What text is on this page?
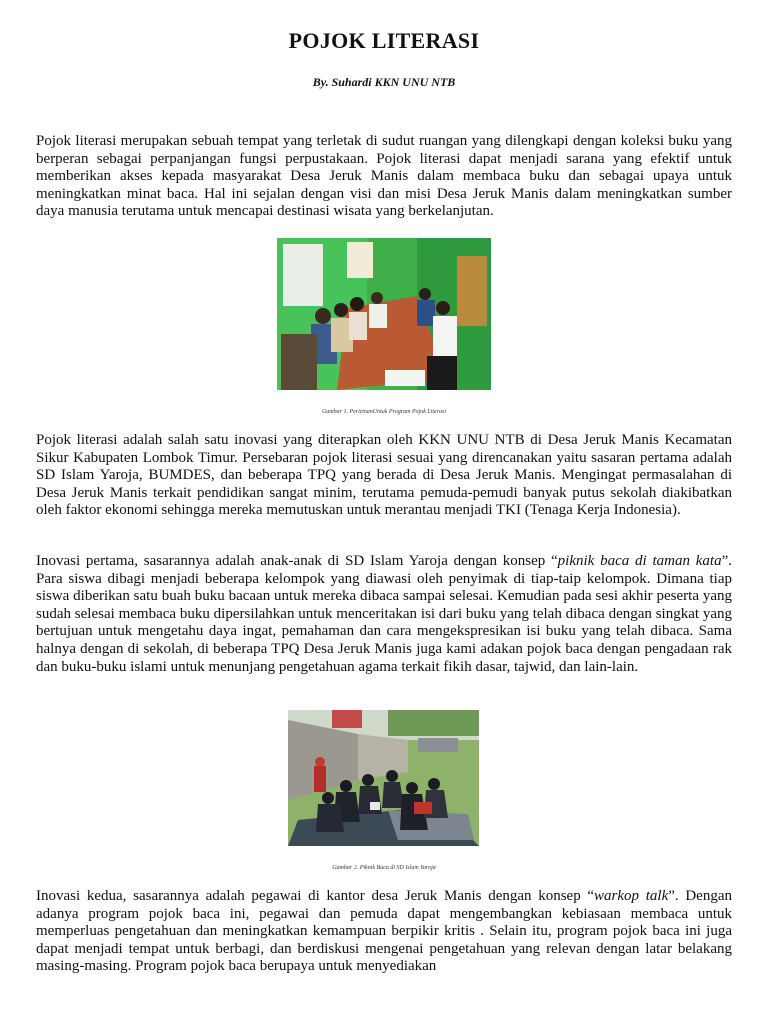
POJOK LITERASI
By. Suhardi KKN UNU NTB

Pojok literasi merupakan sebuah tempat yang terletak di sudut ruangan yang dilengkapi dengan koleksi buku yang berperan sebagai perpanjangan fungsi perpustakaan. Pojok literasi dapat menjadi sarana yang efektif untuk memberikan akses kepada masyarakat Desa Jeruk Manis dalam membaca buku dan sebagai upaya untuk meningkatkan minat baca. Hal ini sejalan dengan visi dan misi Desa Jeruk Manis dalam meningkatkan sumber daya manusia terutama untuk mencapai destinasi wisata yang berkelanjutan.

Gambar 1. PerizinanUntuk Program Pojok Literasi

Pojok literasi adalah salah satu inovasi yang diterapkan oleh KKN UNU NTB di Desa Jeruk Manis Kecamatan Sikur Kabupaten Lombok Timur. Persebaran pojok literasi sesuai yang direncanakan yaitu sasaran pertama adalah SD Islam Yaroja, BUMDES, dan beberapa TPQ yang berada di Desa Jeruk Manis. Mengingat permasalahan di Desa Jeruk Manis terkait pendidikan sangat minim, terutama pemuda-pemudi banyak putus sekolah diakibatkan oleh faktor ekonomi sehingga mereka memutuskan untuk merantau menjadi TKI (Tenaga Kerja Indonesia).

Inovasi pertama, sasarannya adalah anak-anak di SD Islam Yaroja dengan konsep “piknik baca di taman kata”. Para siswa dibagi menjadi beberapa kelompok yang diawasi oleh penyimak di tiap-taip kelompok. Dimana tiap siswa diberikan satu buah buku bacaan untuk mereka dibaca sampai selesai. Kemudian pada sesi akhir peserta yang sudah selesai membaca buku dipersilahkan untuk menceritakan isi dari buku yang telah dibaca dengan singkat yang bertujuan untuk mengetahu daya ingat, pemahaman dan cara mengekspresikan isi buku yang telah dibaca. Sama halnya dengan di sekolah, di beberapa TPQ Desa Jeruk Manis juga kami adakan pojok baca dengan pengadaan rak dan buku-buku islami untuk menunjang pengetahuan agama terkait fikih dasar, tajwid, dan lain-lain.

Gambar 2. Piknik Baca di SD Islam Yaroja

Inovasi kedua, sasarannya adalah pegawai di kantor desa Jeruk Manis dengan konsep “warkop talk”. Dengan adanya program pojok baca ini, pegawai dan pemuda dapat mengembangkan kebiasaan membaca untuk memperluas pengetahuan dan meningkatkan kemampuan berpikir kritis . Selain itu, program pojok baca ini juga dapat menjadi tempat untuk berbagi, dan berdiskusi mengenai pengetahuan yang relevan dengan latar belakang masing-masing. Program pojok baca berupaya untuk menyediakan
